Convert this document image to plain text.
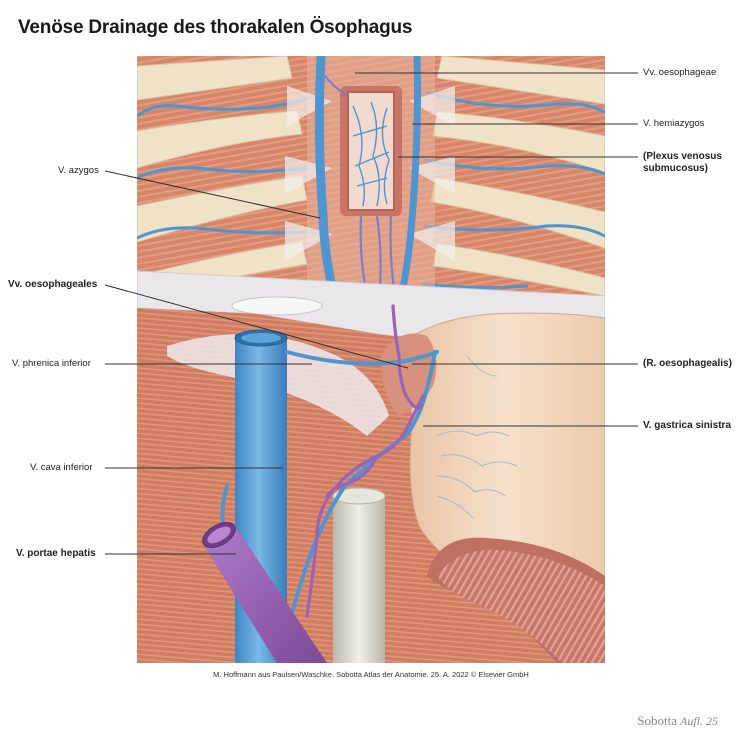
Venöse Drainage des thorakalen Ösophagus
Vv. oesophageae
V. hemiazygos
(Plexus venosus
submucosus)
V. azygos
Vv. oesophageales
V. phrenica inferior	(R. oesophagealis)
V. gastrica sinistra
V. cava inferior
V. portae hepatis
M. Hoffmann aus Paulsen/Waschke. Sobotta Atlas der Anatomie. 25. A. 2022 © Elsevier GmbH
Sobotta Aufl. 25
